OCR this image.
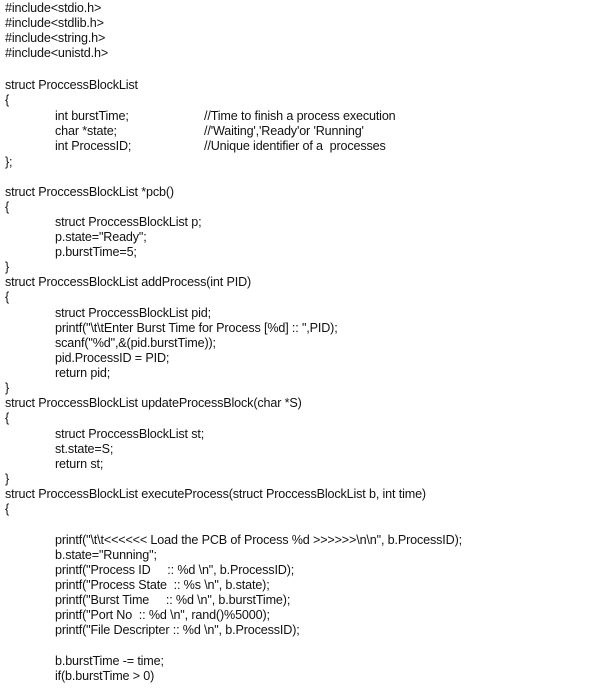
#include<stdio.h>
#include<stdlib.h>
#include<string.h>
#include<unistd.h>
struct ProccessBlockList
{
int burstTime;	//Time to finish a process execution
char *state;	//'Waiting','Ready'or 'Running'
int ProcessID;	//Unique identifier of a  processes
};
struct ProccessBlockList *pcb()
{
struct ProccessBlockList p;
p.state="Ready";
p.burstTime=5;
}
struct ProccessBlockList addProcess(int PID)
{
struct ProccessBlockList pid;
printf("\t\tEnter Burst Time for Process [%d] :: ",PID);
scanf("%d",&(pid.burstTime));
pid.ProcessID = PID;
return pid;
}
struct ProccessBlockList updateProcessBlock(char *S)
{
struct ProccessBlockList st;
st.state=S;
return st;
}
struct ProccessBlockList executeProcess(struct ProccessBlockList b, int time)
{
printf("\t\t<<<<<< Load the PCB of Process %d >>>>>>\n\n", b.ProcessID);
b.state="Running";
printf("Process ID     :: %d \n", b.ProcessID);
printf("Process State  :: %s \n", b.state);
printf("Burst Time     :: %d \n", b.burstTime);
printf("Port No  :: %d \n", rand()%5000);
printf("File Descripter :: %d \n", b.ProcessID);
b.burstTime -= time;
if(b.burstTime > 0)
